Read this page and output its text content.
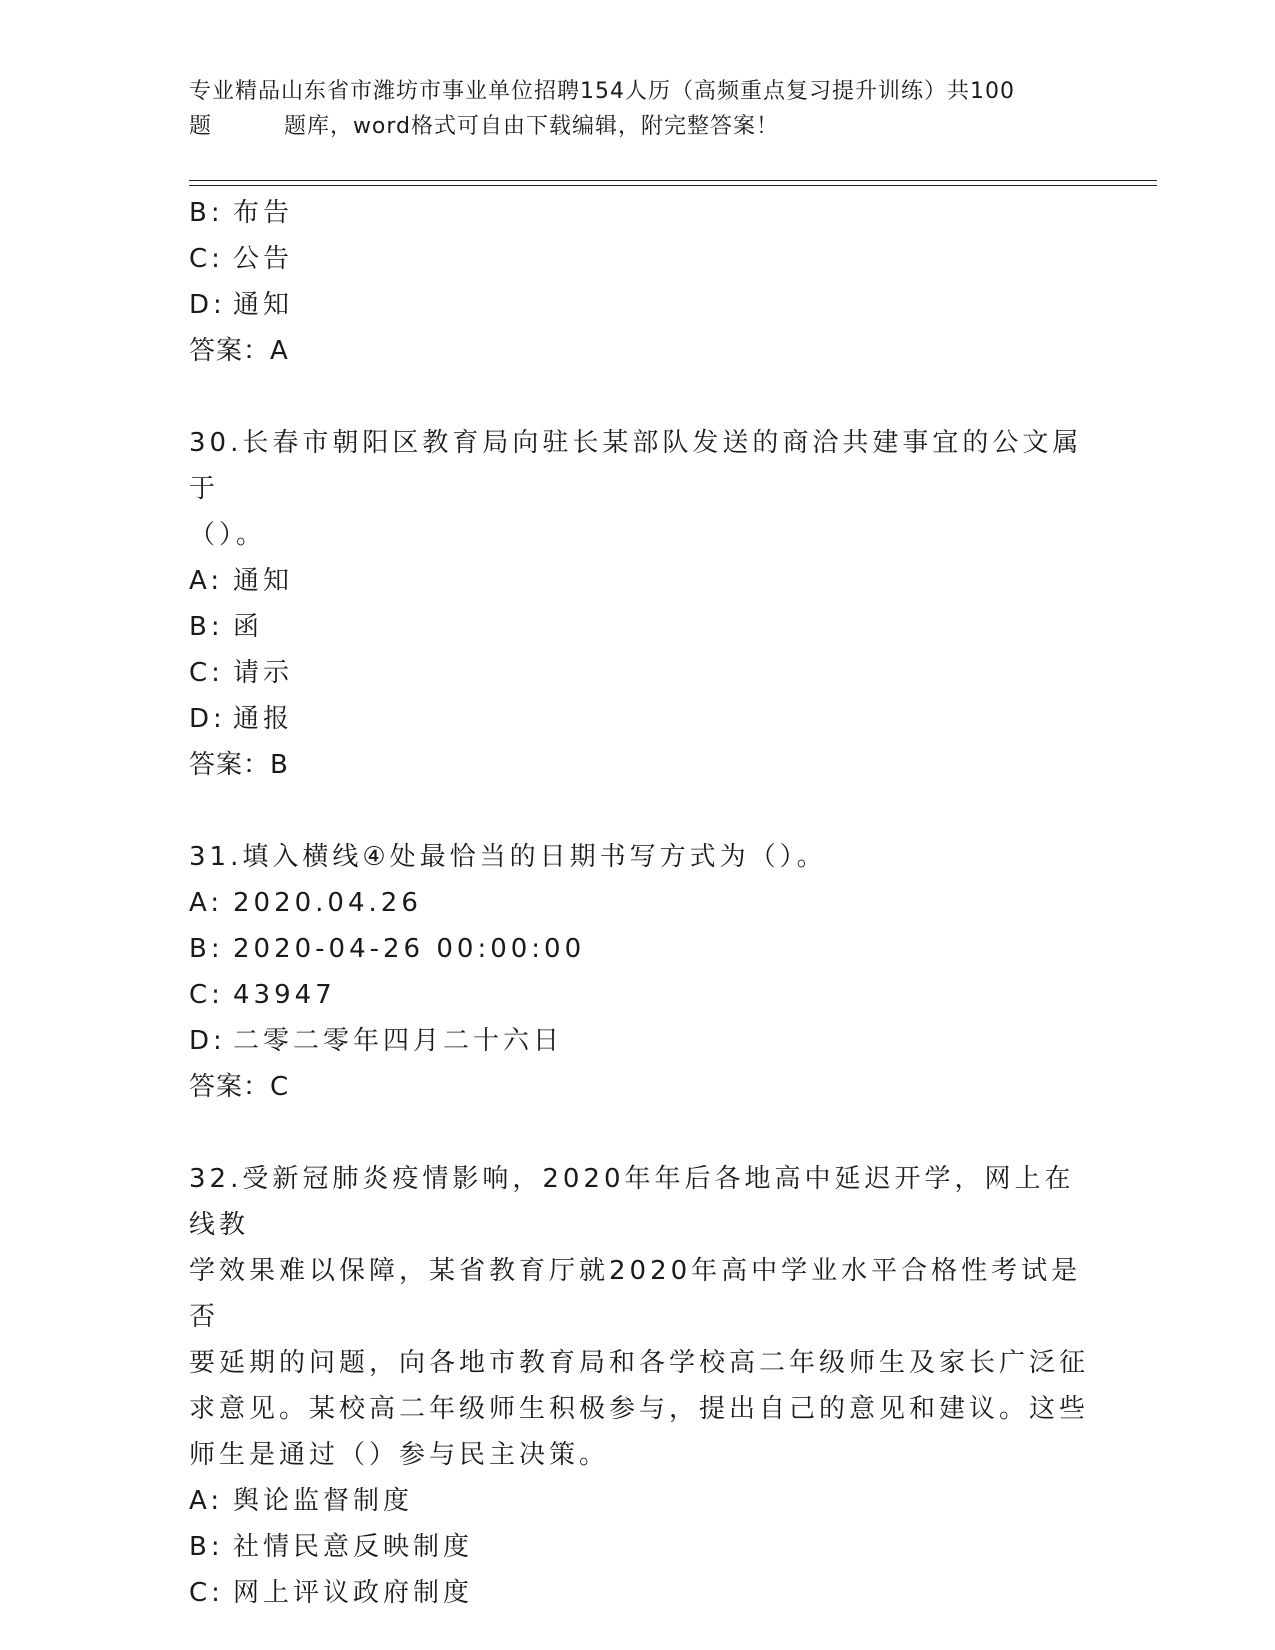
专业精品山东省市潍坊市事业单位招聘154人历（高频重点复习提升训练）共100

题         题库，word格式可自由下载编辑，附完整答案！
B: 布告
C: 公告
D: 通知
答案：A
30.长春市朝阳区教育局向驻长某部队发送的商洽共建事宜的公文属于
（）。
A: 通知
B: 函
C: 请示
D: 通报
答案：B
31.填入横线④处最恰当的日期书写方式为（）。
A: 2020.04.26
B: 2020-04-26 00:00:00
C: 43947
D: 二零二零年四月二十六日
答案：C
32.受新冠肺炎疫情影响，2020年年后各地高中延迟开学，网上在线教
学效果难以保障，某省教育厅就2020年高中学业水平合格性考试是否
要延期的问题，向各地市教育局和各学校高二年级师生及家长广泛征
求意见。某校高二年级师生积极参与，提出自己的意见和建议。这些
师生是通过（）参与民主决策。
A: 舆论监督制度
B: 社情民意反映制度
C: 网上评议政府制度
